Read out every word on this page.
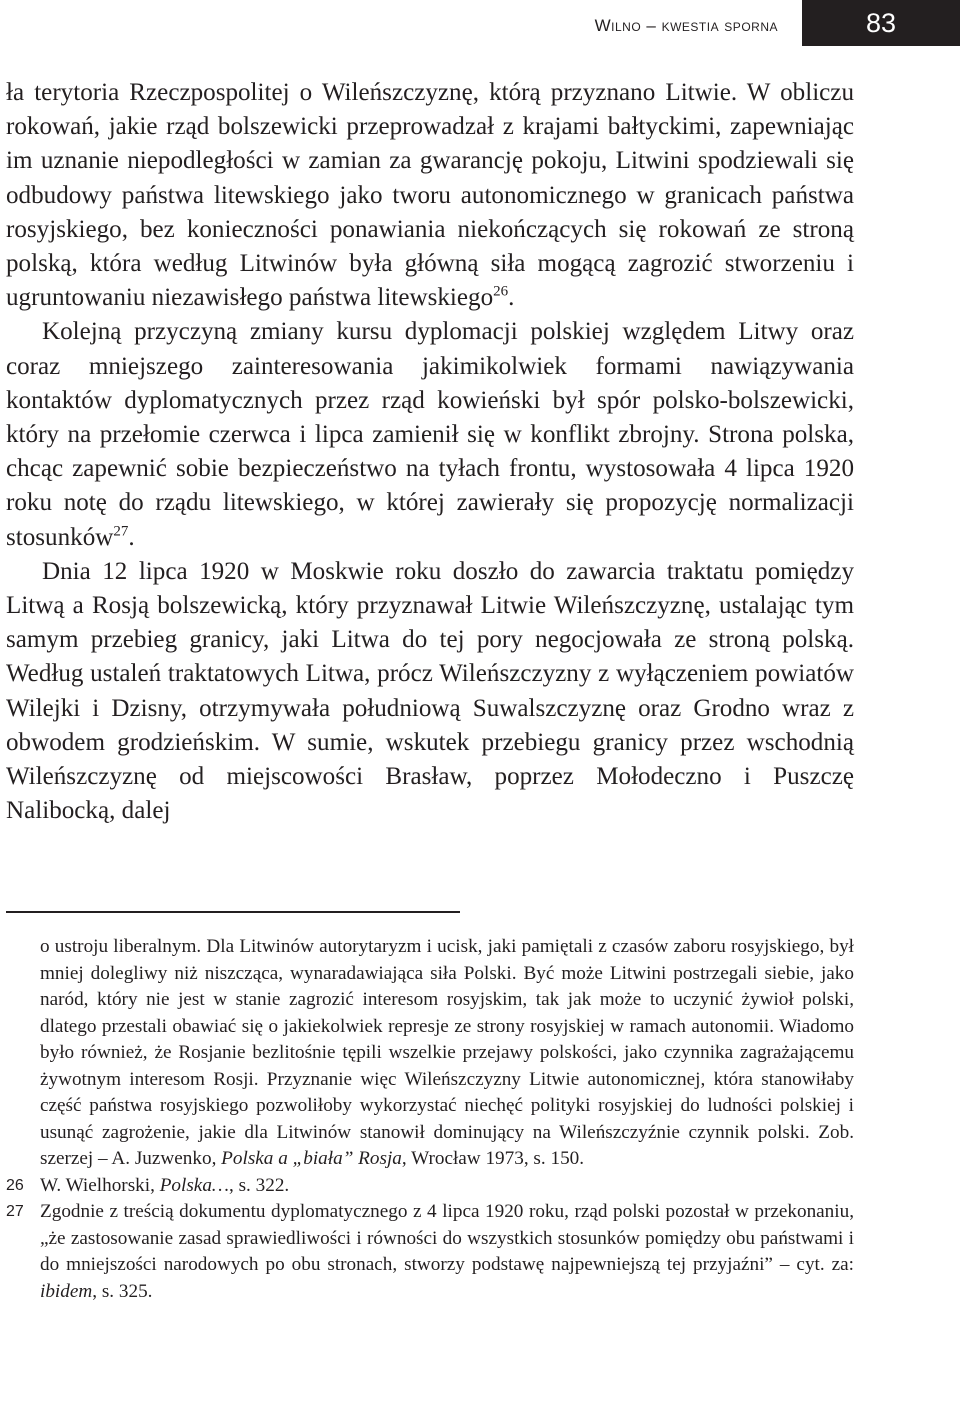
Wilno – kwestia sporna	83

ła terytoria Rzeczpospolitej o Wileńszczyznę, którą przyznano Litwie. W obliczu rokowań, jakie rząd bolszewicki przeprowadzał z krajami bałtyckimi, zapewniając im uznanie niepodległości w zamian za gwarancję pokoju, Litwini spodziewali się odbudowy państwa litewskiego jako tworu autonomicznego w granicach państwa rosyjskiego, bez konieczności ponawiania niekończących się rokowań ze stroną polską, która według Litwinów była główną siła mogącą zagrozić stworzeniu i ugruntowaniu niezawisłego państwa litewskiego$^{26}$.

Kolejną przyczyną zmiany kursu dyplomacji polskiej względem Litwy oraz coraz mniejszego zainteresowania jakimikolwiek formami nawiązywania kontaktów dyplomatycznych przez rząd kowieński był spór polsko-bolszewicki, który na przełomie czerwca i lipca zamienił się w konflikt zbrojny. Strona polska, chcąc zapewnić sobie bezpieczeństwo na tyłach frontu, wystosowała 4 lipca 1920 roku notę do rządu litewskiego, w której zawierały się propozycję normalizacji stosunków$^{27}$.

Dnia 12 lipca 1920 w Moskwie roku doszło do zawarcia traktatu pomiędzy Litwą a Rosją bolszewicką, który przyznawał Litwie Wileńszczyznę, ustalając tym samym przebieg granicy, jaki Litwa do tej pory negocjowała ze stroną polską. Według ustaleń traktatowych Litwa, prócz Wileńszczyzny z wyłączeniem powiatów Wilejki i Dzisny, otrzymywała południową Suwalszczyznę oraz Grodno wraz z obwodem grodzieńskim. W sumie, wskutek przebiegu granicy przez wschodnią Wileńszczyznę od miejscowości Brasław, poprzez Mołodeczno i Puszczę Nalibocką, dalej

o ustroju liberalnym. Dla Litwinów autorytaryzm i ucisk, jaki pamiętali z czasów zaboru rosyjskiego, był mniej dolegliwy niż niszcząca, wynaradawiająca siła Polski. Być może Litwini postrzegali siebie, jako naród, który nie jest w stanie zagrozić interesom rosyjskim, tak jak może to uczynić żywioł polski, dlatego przestali obawiać się o jakiekolwiek represje ze strony rosyjskiej w ramach autonomii. Wiadomo było również, że Rosjanie bezlitośnie tępili wszelkie przejawy polskości, jako czynnika zagrażającemu żywotnym interesom Rosji. Przyznanie więc Wileńszczyzny Litwie autonomicznej, która stanowiłaby część państwa rosyjskiego pozwoliłoby wykorzystać niechęć polityki rosyjskiej do ludności polskiej i usunąć zagrożenie, jakie dla Litwinów stanowił dominujący na Wileńszczyźnie czynnik polski. Zob. szerzej – A. Juzwenko, Polska a „biała” Rosja, Wrocław 1973, s. 150.

26 W. Wielhorski, Polska…, s. 322.

27 Zgodnie z treścią dokumentu dyplomatycznego z 4 lipca 1920 roku, rząd polski pozostał w przekonaniu, „że zastosowanie zasad sprawiedliwości i równości do wszystkich stosunków pomiędzy obu państwami i do mniejszości narodowych po obu stronach, stworzy podstawę najpewniejszą tej przyjaźni” – cyt. za: ibidem, s. 325.
